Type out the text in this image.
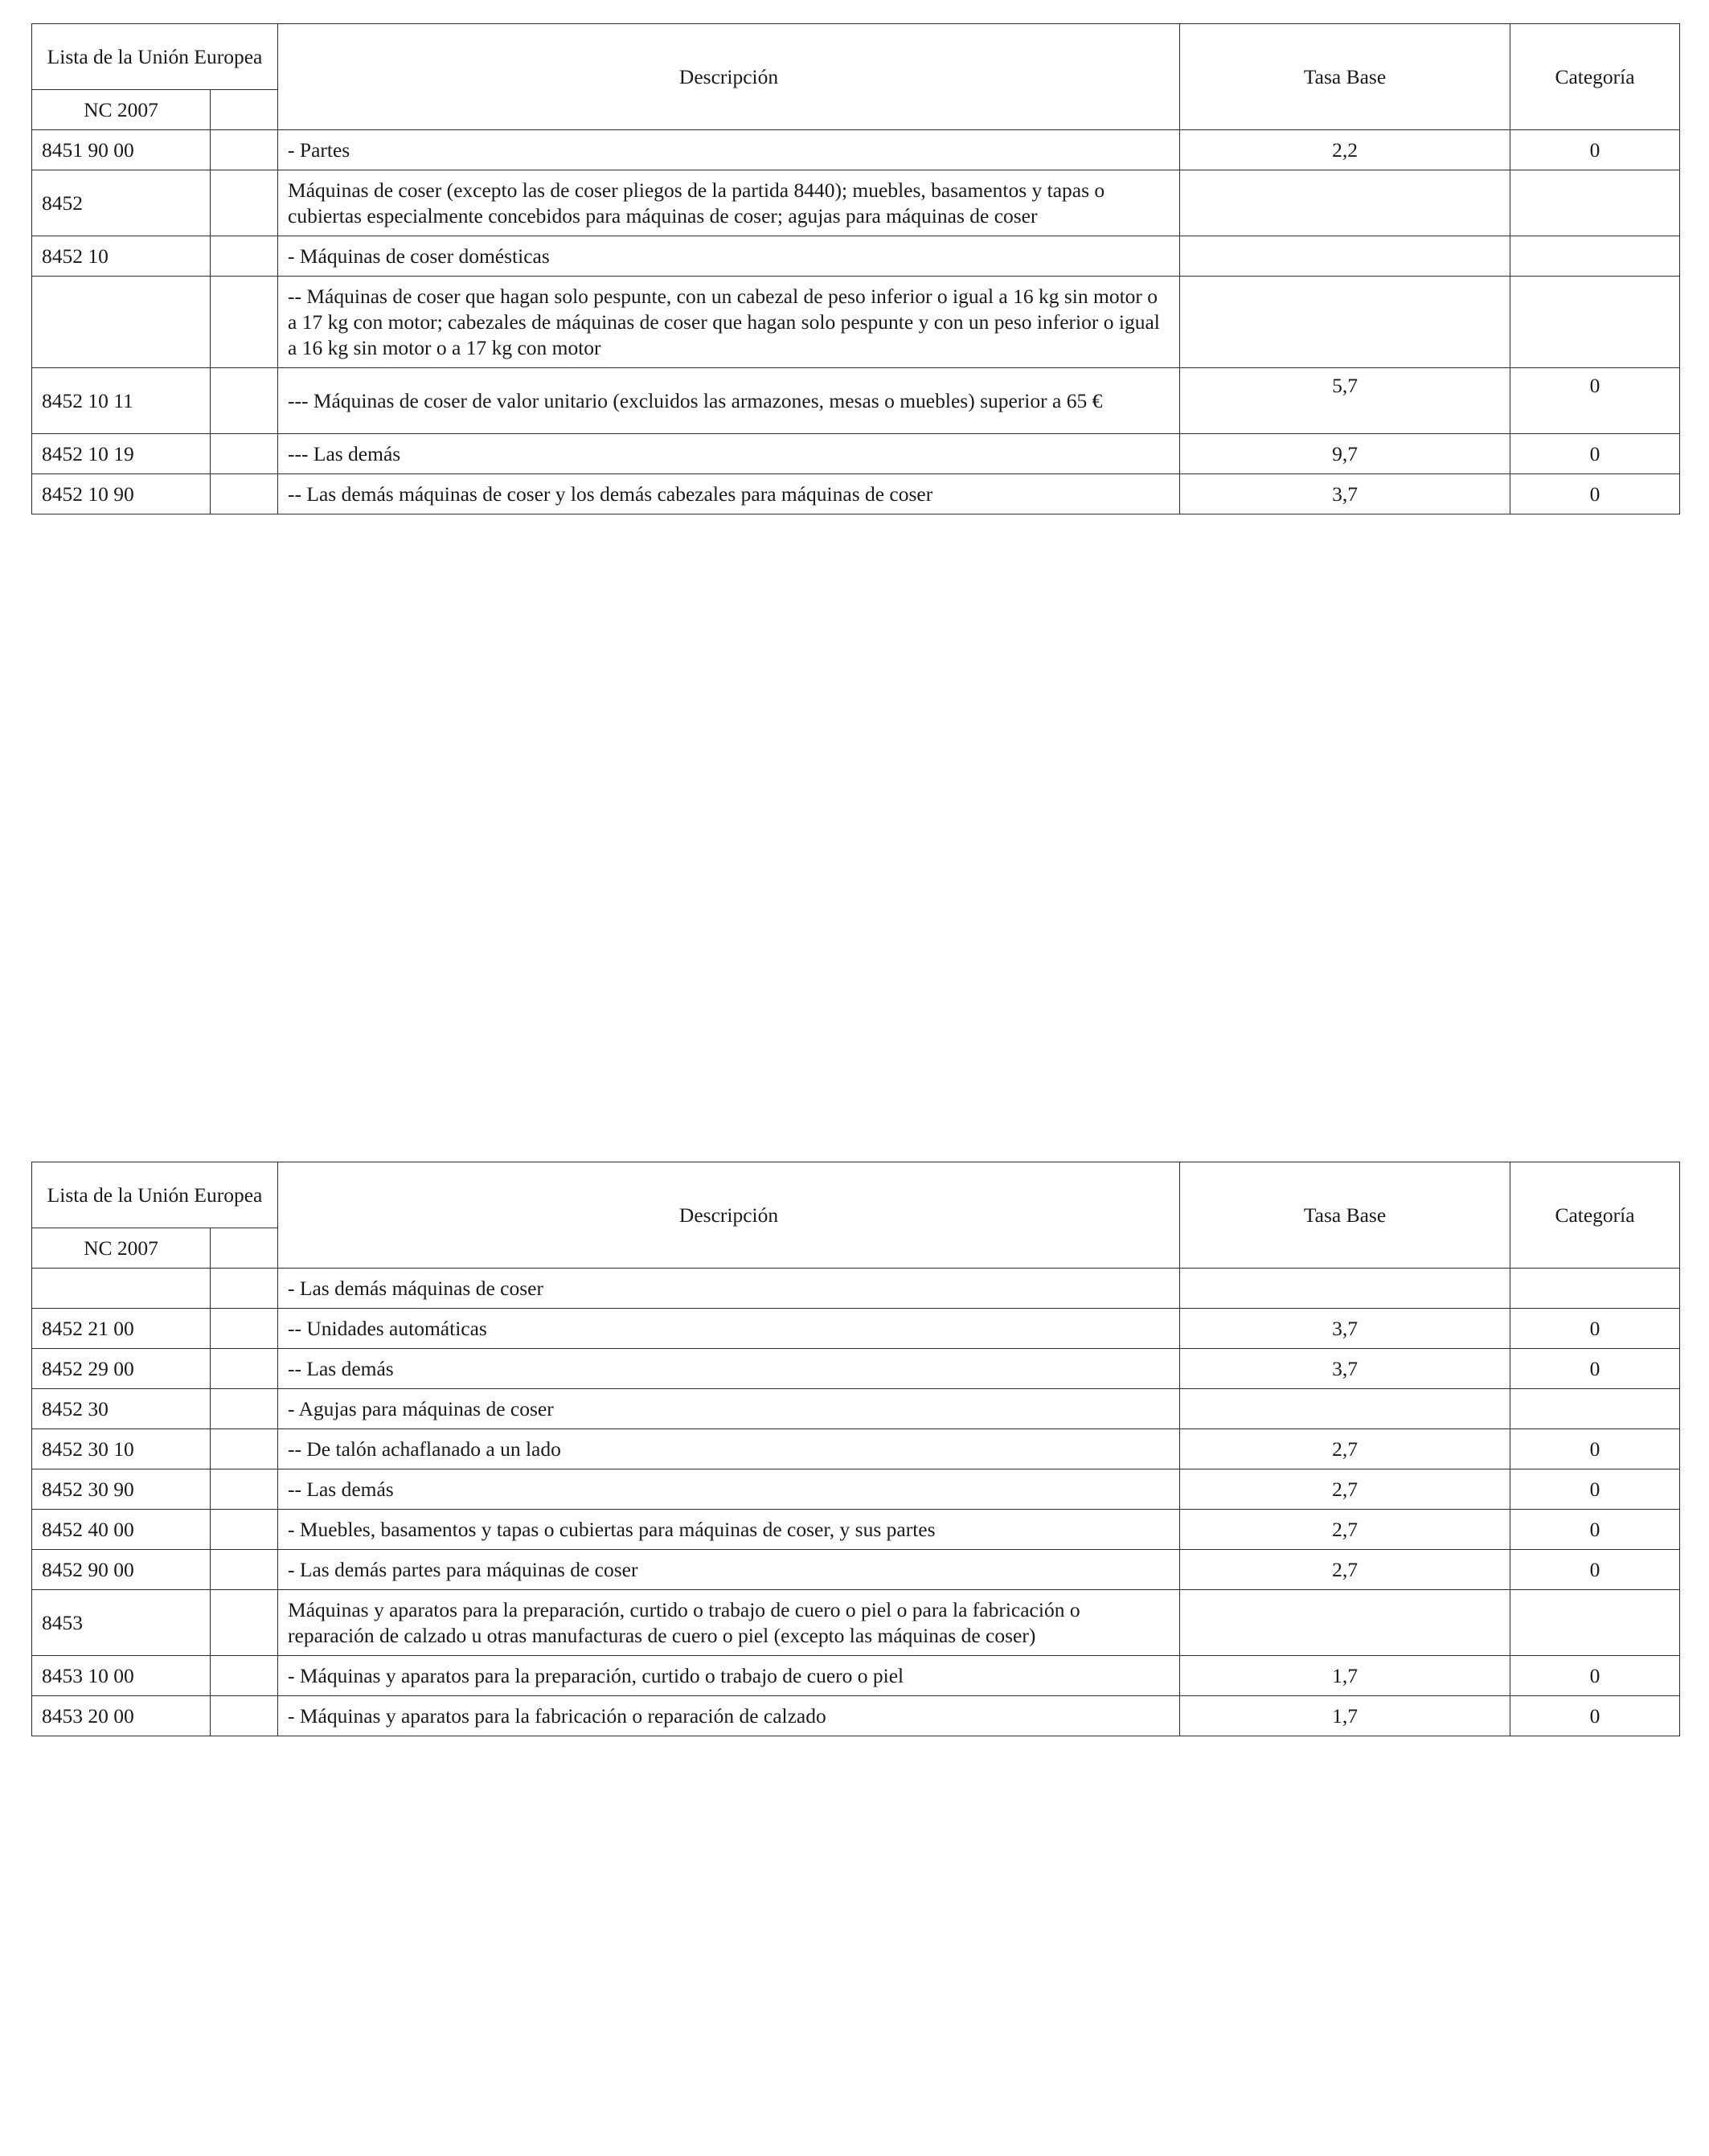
Lista de la Unión Europea		Descripción	Tasa Base	Categoría
NC 2007				
8451 90 00		- Partes	2,2	0
8452		Máquinas de coser (excepto las de coser pliegos de la partida 8440); muebles, basamentos y tapas o cubiertas especialmente concebidos para máquinas de coser; agujas para máquinas de coser		
8452 10		- Máquinas de coser domésticas		
		-- Máquinas de coser que hagan solo pespunte, con un cabezal de peso inferior o igual a 16 kg sin motor o a 17 kg con motor; cabezales de máquinas de coser que hagan solo pespunte y con un peso inferior o igual a 16 kg sin motor o a 17 kg con motor		
8452 10 11		--- Máquinas de coser de valor unitario (excluidos las armazones, mesas o muebles) superior a 65 €	5,7	0
8452 10 19		--- Las demás	9,7	0
8452 10 90		-- Las demás máquinas de coser y los demás cabezales para máquinas de coser	3,7	0
Lista de la Unión Europea		Descripción	Tasa Base	Categoría
NC 2007				
		- Las demás máquinas de coser		
8452 21 00		-- Unidades automáticas	3,7	0
8452 29 00		-- Las demás	3,7	0
8452 30		- Agujas para máquinas de coser		
8452 30 10		-- De talón achaflanado a un lado	2,7	0
8452 30 90		-- Las demás	2,7	0
8452 40 00		- Muebles, basamentos y tapas o cubiertas para máquinas de coser, y sus partes	2,7	0
8452 90 00		- Las demás partes para máquinas de coser	2,7	0
8453		Máquinas y aparatos para la preparación, curtido o trabajo de cuero o piel o para la fabricación o reparación de calzado u otras manufacturas de cuero o piel (excepto las máquinas de coser)		
8453 10 00		- Máquinas y aparatos para la preparación, curtido o trabajo de cuero o piel	1,7	0
8453 20 00		- Máquinas y aparatos para la fabricación o reparación de calzado	1,7	0
